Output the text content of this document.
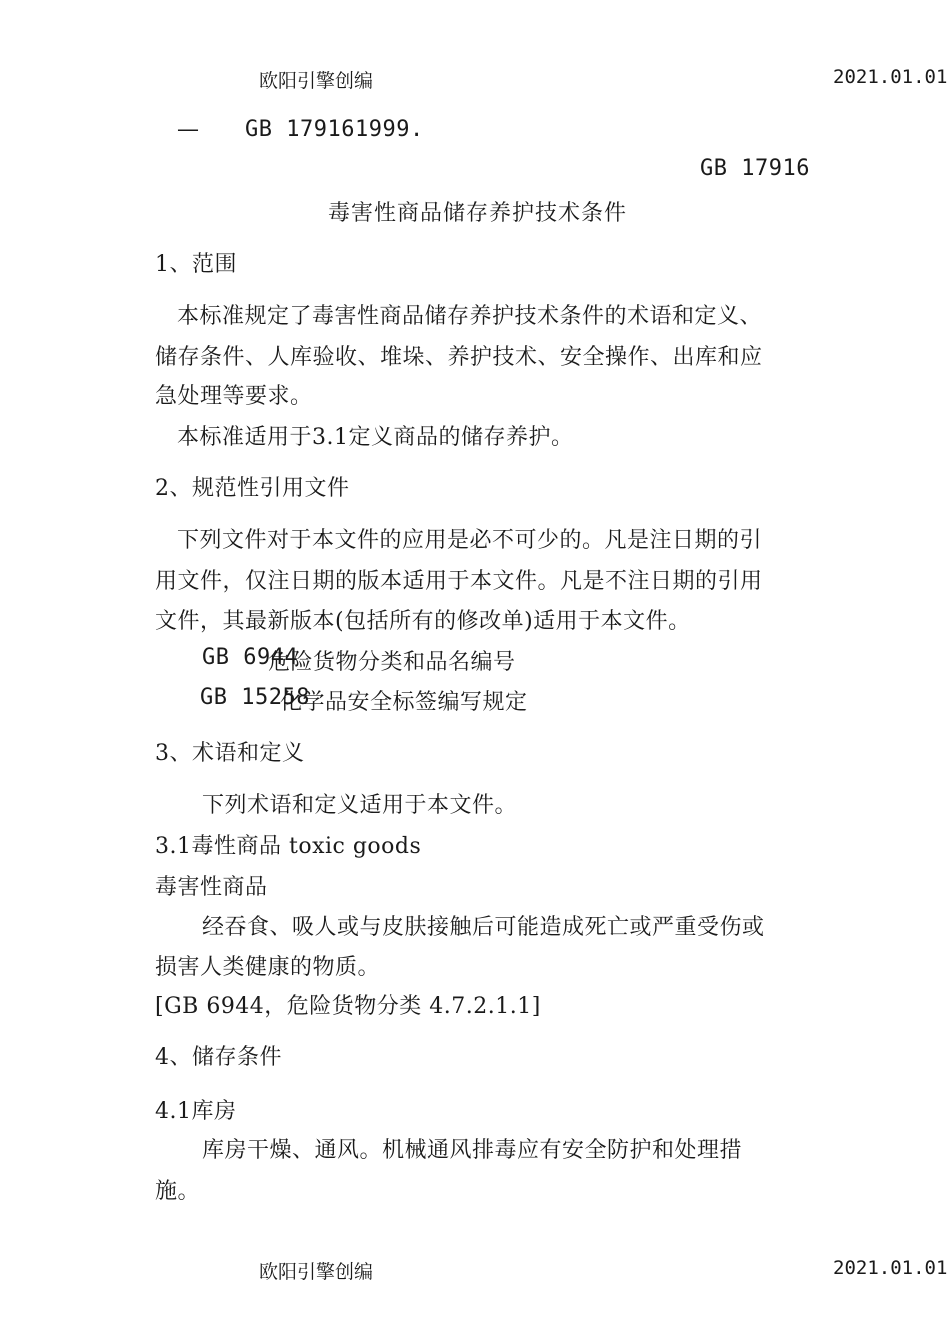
欧阳引擎创编	2021.01.01
— GB 179161999.
GB 17916
毒害性商品储存养护技术条件
1、范围
本标准规定了毒害性商品储存养护技术条件的术语和定义、
储存条件、人库验收、堆垛、养护技术、安全操作、出库和应
急处理等要求。
本标准适用于3.1定义商品的储存养护。
2、规范性引用文件
下列文件对于本文件的应用是必不可少的。凡是注日期的引
用文件，仅注日期的版本适用于本文件。凡是不注日期的引用
文件，其最新版本(包括所有的修改单)适用于本文件。
GB 6944
危险货物分类和品名编号
GB 15258
化学品安全标签编写规定
3、术语和定义
下列术语和定义适用于本文件。
3.1毒性商品 toxic goods
毒害性商品
经吞食、吸人或与皮肤接触后可能造成死亡或严重受伤或
损害人类健康的物质。
[GB 6944，危险货物分类 4.7.2.1.1]
4、储存条件
4.1库房
库房干燥、通风。机械通风排毒应有安全防护和处理措
施。
欧阳引擎创编	2021.01.01
